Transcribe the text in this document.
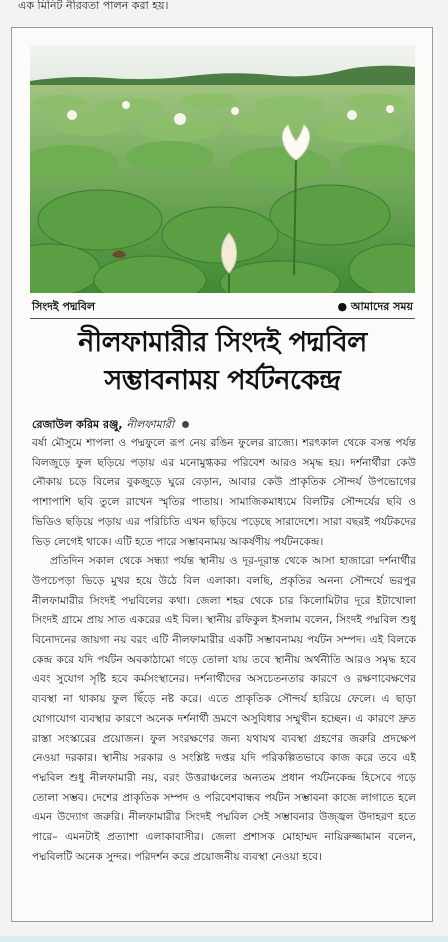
এক মিনিট নীরবতা পালন করা হয়।
সিংদই পদ্মবিল	● আমাদের সময়
নীলফামারীর সিংদই পদ্মবিল
সম্ভাবনাময় পর্যটনকেন্দ্র
রেজাউল করিম রঞ্জু, নীলফামারী

বর্ষা মৌসুমে শাপলা ও পদ্মফুলে রূপ নেয় রঙিন ফুলের রাজ্যে। শরৎকাল থেকে বসন্ত পর্যন্ত বিলজুড়ে ফুল ছড়িয়ে পড়ায় এর মনোমুগ্ধকর পরিবেশ আরও সমৃদ্ধ হয়। দর্শনার্থীরা কেউ নৌকায় চড়ে বিলের বুকজুড়ে ঘুরে বেড়ান, আবার কেউ প্রাকৃতিক সৌন্দর্য উপভোগের পাশাপাশি ছবি তুলে রাখেন স্মৃতির পাতায়। সামাজিকমাধ্যমে বিলটির সৌন্দর্যের ছবি ও ভিডিও ছড়িয়ে পড়ায় এর পরিচিতি এখন ছড়িয়ে পড়েছে সারাদেশে। সারা বছরই পর্যটকদের ভিড় লেগেই থাকে। এটি হতে পারে সম্ভাবনাময় আকর্ষণীয় পর্যটনকেন্দ্র।

প্রতিদিন সকাল থেকে সন্ধ্যা পর্যন্ত স্থানীয় ও দূর-দূরান্ত থেকে আসা হাজারো দর্শনার্থীর উপচেপড়া ভিড়ে মুখর হয়ে উঠে বিল এলাকা। বলছি, প্রকৃতির অনন্য সৌন্দর্যে ভরপুর নীলফামারীর সিংদই পদ্মবিলের কথা। জেলা শহর থেকে চার কিলোমিটার দূরে ইটাখোলা সিংদই গ্রামে প্রায় সাত একরের এই বিল। স্থানীয় রফিকুল ইসলাম বলেন, সিংদই পদ্মবিল শুধু বিনোদনের জায়গা নয় বরং এটি নীলফামারীর একটি সম্ভাবনাময় পর্যটন সম্পদ। এই বিলকে কেন্দ্র করে যদি পর্যটন অবকাঠামো গড়ে তোলা যায় তবে স্থানীয় অর্থনীতি আরও সমৃদ্ধ হবে এবং সুযোগ সৃষ্টি হবে কর্মসংস্থানের। দর্শনার্থীদের অসচেতনতার কারণে ও রক্ষণাবেক্ষণের ব্যবস্থা না থাকায় ফুল ছিঁড়ে নষ্ট করে। এতে প্রাকৃতিক সৌন্দর্য হারিয়ে ফেলে। এ ছাড়া যোগাযোগ ব্যবস্থার কারণে অনেক দর্শনার্থী ভ্রমণে অসুবিধার সম্মুখীন হচ্ছেন। এ কারণে দ্রুত রাস্তা সংস্কারের প্রয়োজন। ফুল সংরক্ষণের জন্য যথাযথ ব্যবস্থা গ্রহণের জরুরি প্রদক্ষেপ নেওয়া দরকার। স্থানীয় সরকার ও সংশ্লিষ্ট দপ্তর যদি পরিকল্পিতভাবে কাজ করে তবে এই পদ্মবিল শুধু নীলফামারী নয়, বরং উত্তরাঞ্চলের অন্যতম প্রধান পর্যটনকেন্দ্র হিসেবে গড়ে তোলা সম্ভব। দেশের প্রাকৃতিক সম্পদ ও পরিবেশবান্ধব পর্যটন সম্ভাবনা কাজে লাগাতে হলে এমন উদ্যোগ জরুরি। নীলফামারীর সিংদই পদ্মবিল সেই সম্ভাবনার উজ্জ্বল উদাহরণ হতে পারে– এমনটাই প্রত্যাশা এলাকাবাসীর। জেলা প্রশাসক মোহাম্মদ নায়িরুজ্জামান বলেন, পদ্মবিলটি অনেক সুন্দর। পরিদর্শন করে প্রয়োজনীয় ব্যবস্থা নেওয়া হবে।
